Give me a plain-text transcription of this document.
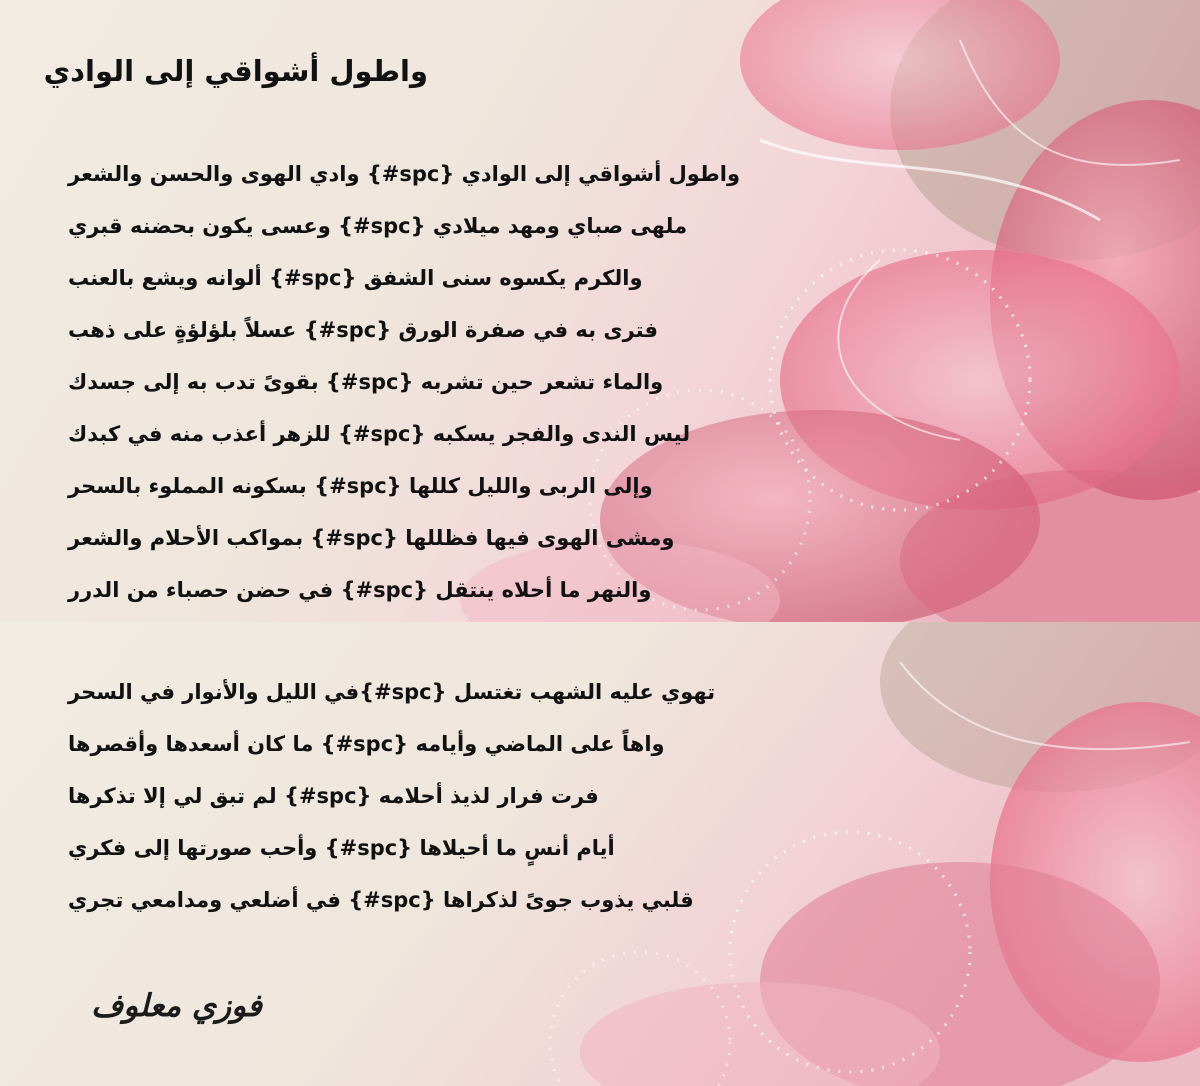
واطول أشواقي إلى الوادي
وادي الهوى والحسن والشعر {#spc} واطول أشواقي إلى الوادي
وعسى يكون بحضنه قبري {#spc} ملهى صباي ومهد ميلادي
ألوانه ويشع بالعنب {#spc} والكرم يكسوه سنى الشفق
عسلاً بلؤلؤةٍ على ذهب {#spc} فترى به في صفرة الورق
بقوىً تدب به إلى جسدك {#spc} والماء تشعر حين تشربه
للزهر أعذب منه في كبدك {#spc} ليس الندى والفجر يسكبه
بسكونه المملوء بالسحر {#spc} وإلى الربى والليل كللها
بمواكب الأحلام والشعر {#spc} ومشى الهوى فيها فظللها
في حضن حصباء من الدرر {#spc} والنهر ما أحلاه ينتقل
في الليل والأنوار في السحر{#spc} تهوي عليه الشهب تغتسل
ما كان أسعدها وأقصرها {#spc} واهاً على الماضي وأيامه
لم تبق لي إلا تذكرها {#spc} فرت فرار لذيذ أحلامه
وأحب صورتها إلى فكري {#spc} أيام أنسٍ ما أحيلاها
في أضلعي ومدامعي تجري {#spc} قلبي يذوب جوىً لذكراها
فوزي معلوف
